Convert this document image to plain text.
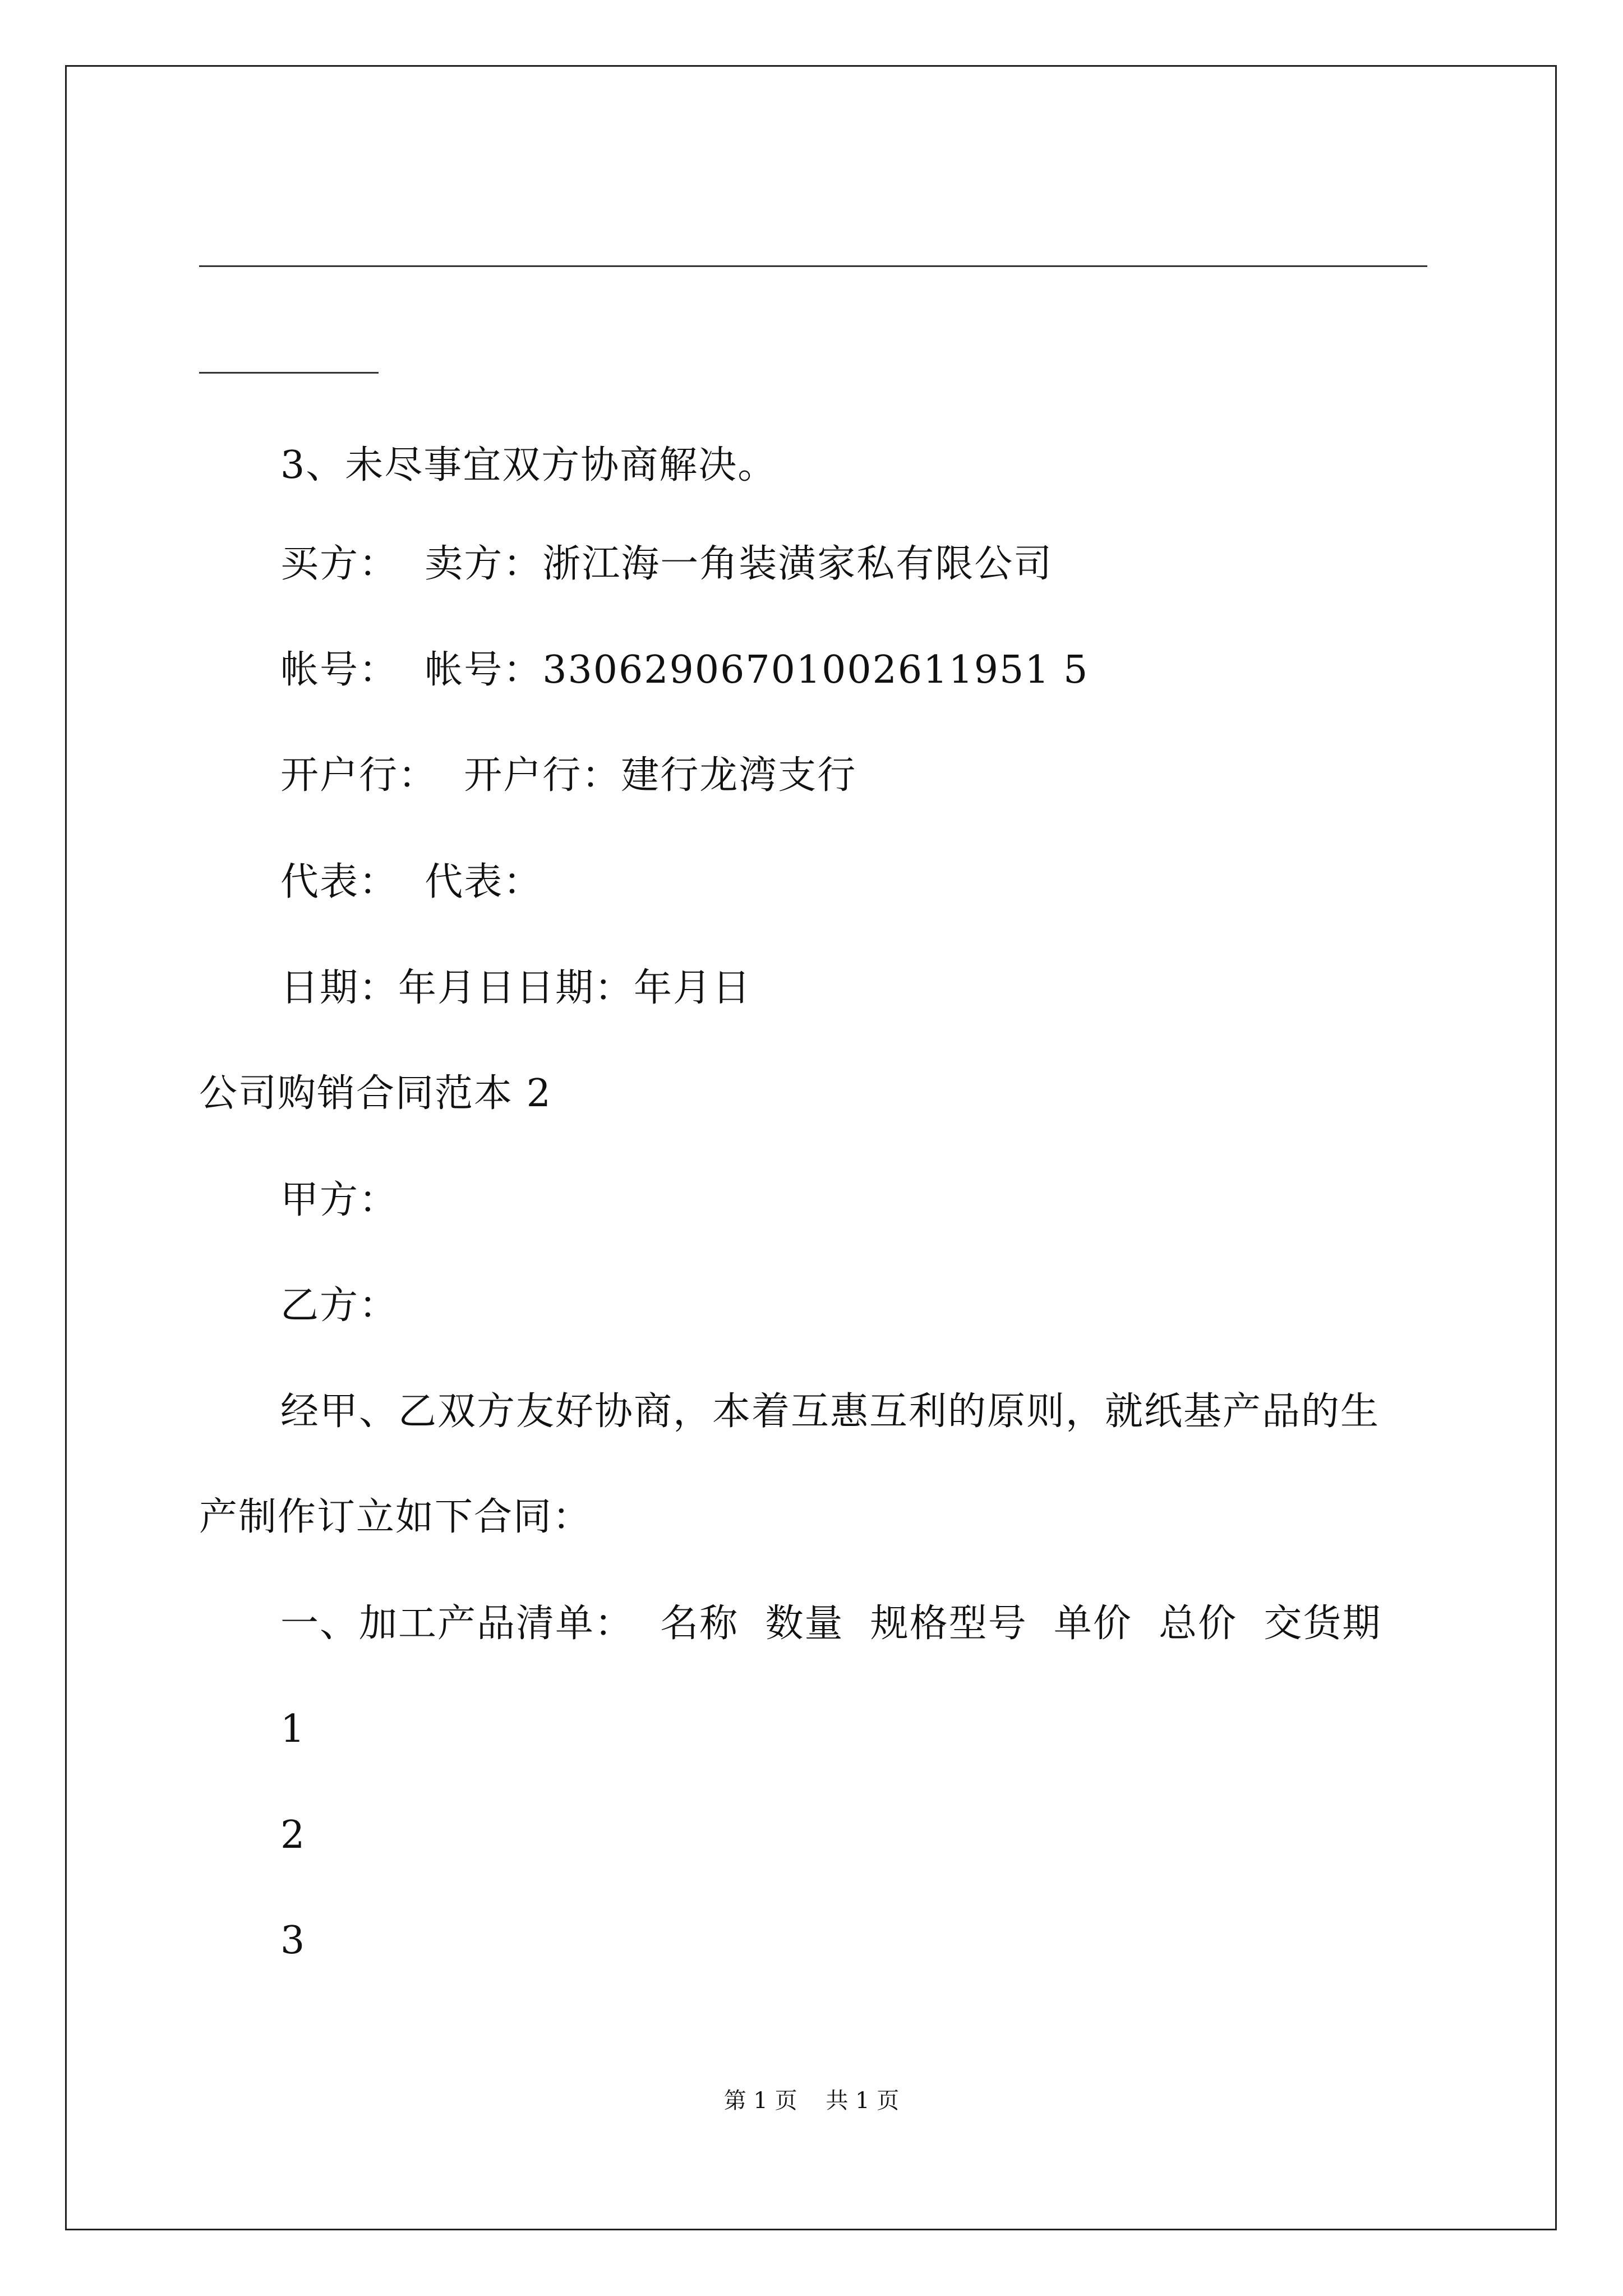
3、未尽事宜双方协商解决。
买方：  卖方：浙江海一角装潢家私有限公司
帐号：  帐号：33062906701002611951 5
开户行：  开户行：建行龙湾支行
代表：  代表：
日期：年月日日期：年月日
公司购销合同范本 2
甲方：
乙方：
经甲、乙双方友好协商，本着互惠互利的原则，就纸基产品的生
产制作订立如下合同：
一、加工产品清单：  名称  数量  规格型号  单价  总价  交货期
1
2
3
第 1 页    共 1 页
